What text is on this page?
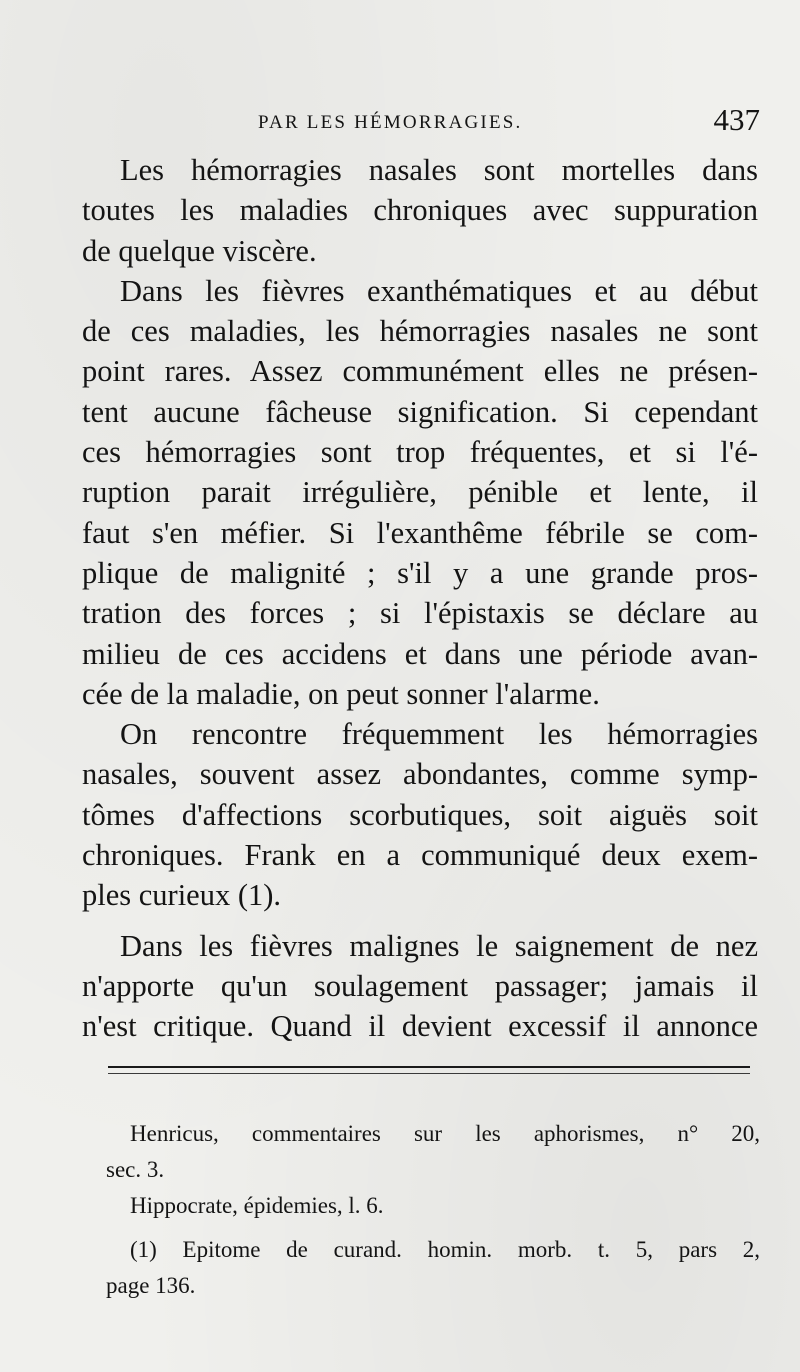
PAR LES HÉMORRAGIES.	437
Les hémorragies nasales sont mortelles dans
toutes les maladies chroniques avec suppuration
de quelque viscère.
Dans les fièvres exanthématiques et au début
de ces maladies, les hémorragies nasales ne sont
point rares. Assez communément elles ne présen-
tent aucune fâcheuse signification. Si cependant
ces hémorragies sont trop fréquentes, et si l'é-
ruption parait irrégulière, pénible et lente, il
faut s'en méfier. Si l'exanthême fébrile se com-
plique de malignité ; s'il y a une grande pros-
tration des forces ; si l'épistaxis se déclare au
milieu de ces accidens et dans une période avan-
cée de la maladie, on peut sonner l'alarme.
On rencontre fréquemment les hémorragies
nasales, souvent assez abondantes, comme symp-
tômes d'affections scorbutiques, soit aiguës soit
chroniques. Frank en a communiqué deux exem-
ples curieux (1).
Dans les fièvres malignes le saignement de nez
n'apporte qu'un soulagement passager; jamais il
n'est critique. Quand il devient excessif il annonce
Henricus, commentaires sur les aphorismes, n° 20,
sec. 3.
Hippocrate, épidemies, l. 6.
(1) Epitome de curand. homin. morb. t. 5, pars 2,
page 136.
